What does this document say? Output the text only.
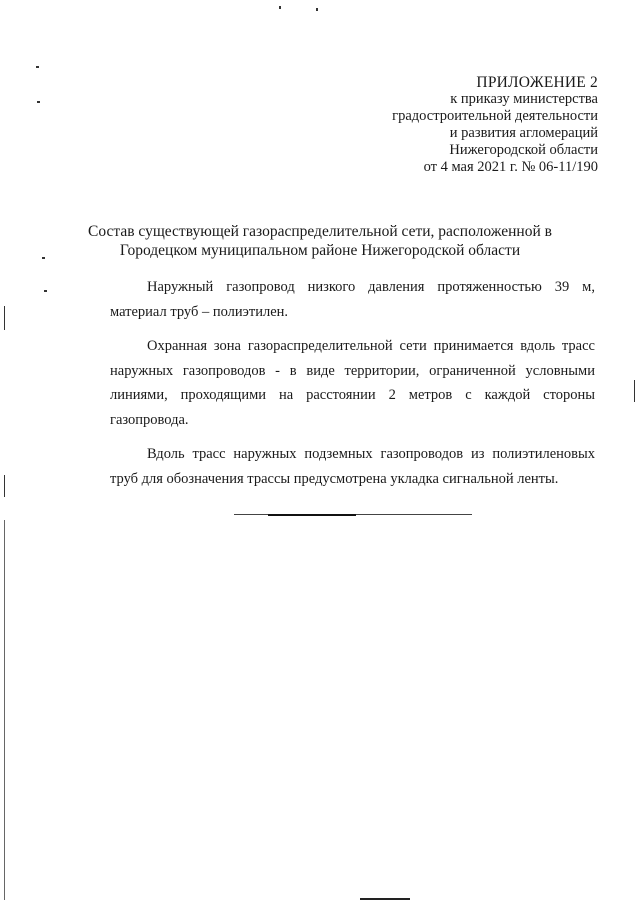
ПРИЛОЖЕНИЕ 2
к приказу министерства
градостроительной деятельности
и развития агломераций
Нижегородской области
от 4 мая 2021 г. № 06-11/190
Состав существующей газораспределительной сети, расположенной в
Городецком муниципальном районе Нижегородской области

Наружный газопровод низкого давления протяженностью 39 м, материал труб – полиэтилен.

Охранная зона газораспределительной сети принимается вдоль трасс наружных газопроводов - в виде территории, ограниченной условными линиями, проходящими на расстоянии 2 метров с каждой стороны газопровода.

Вдоль трасс наружных подземных газопроводов из полиэтиленовых труб для обозначения трассы предусмотрена укладка сигнальной ленты.
